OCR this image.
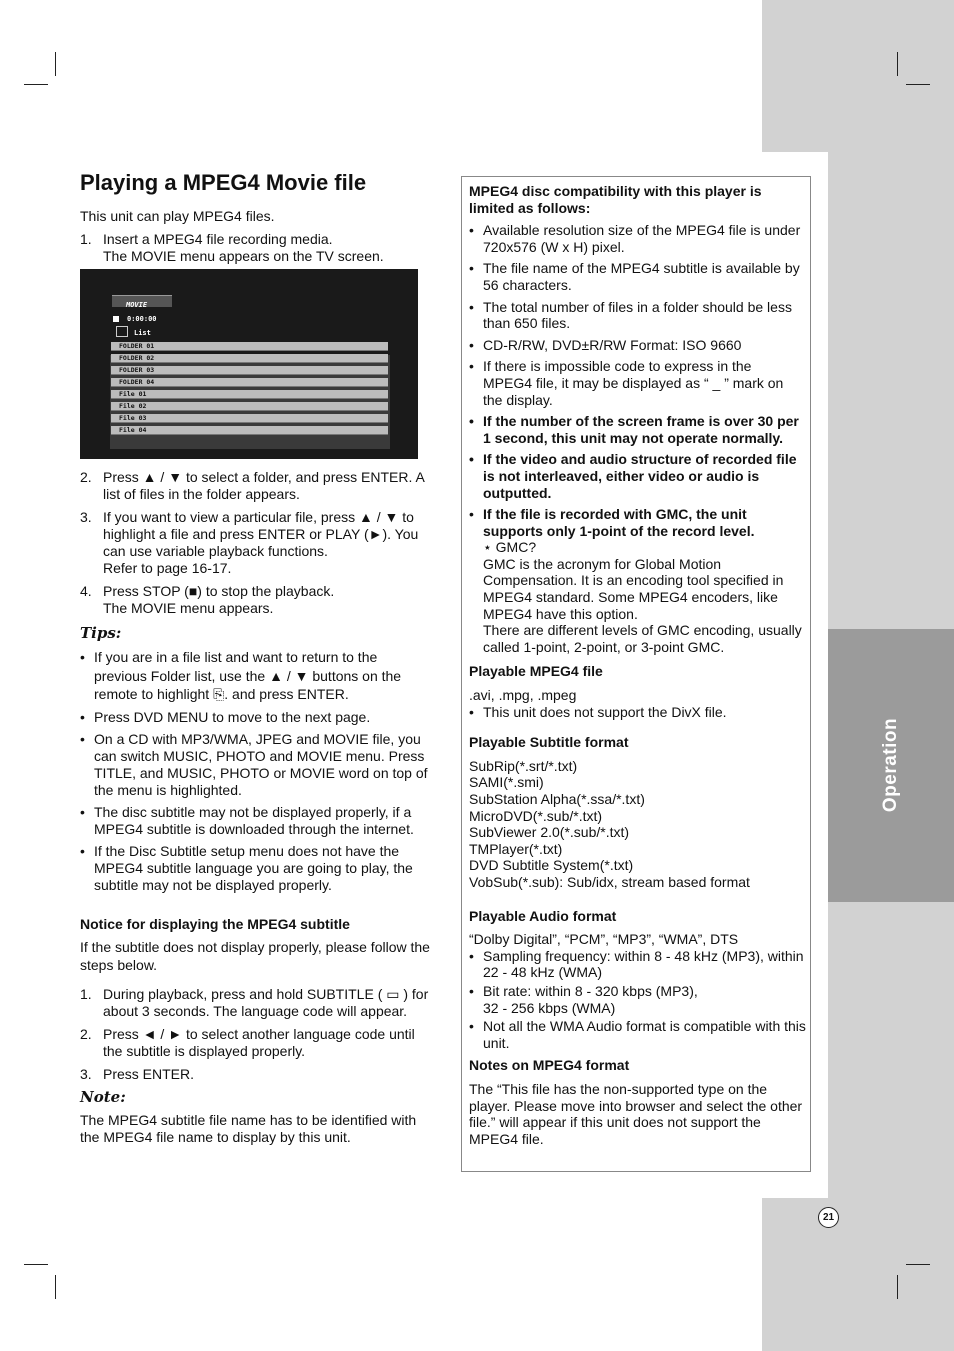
Operation
21
Playing a MPEG4 Movie file

This unit can play MPEG4 files.

1. Insert a MPEG4 file recording media.
The MOVIE menu appears on the TV screen.
MOVIE
0:00:00
List
FOLDER 01
FOLDER 02
FOLDER 03
FOLDER 04
File 01
File 02
File 03
File 04
2. Press ▲ / ▼ to select a folder, and press ENTER. A list of files in the folder appears.
3. If you want to view a particular file, press ▲ / ▼ to highlight a file and press ENTER or PLAY (►). You can use variable playback functions.
Refer to page 16-17.
4. Press STOP (■) to stop the playback.
The MOVIE menu appears.
Tips:
• If you are in a file list and want to return to the previous Folder list, use the ▲ / ▼ buttons on the remote to highlight ⎘. and press ENTER.
• Press DVD MENU to move to the next page.
• On a CD with MP3/WMA, JPEG and MOVIE file, you can switch MUSIC, PHOTO and MOVIE menu. Press TITLE, and MUSIC, PHOTO or MOVIE word on top of the menu is highlighted.
• The disc subtitle may not be displayed properly, if a MPEG4 subtitle is downloaded through the internet.
• If the Disc Subtitle setup menu does not have the MPEG4 subtitle language you are going to play, the subtitle may not be displayed properly.
Notice for displaying the MPEG4 subtitle

If the subtitle does not display properly, please follow the steps below.

1. During playback, press and hold SUBTITLE ( ▭ ) for about 3 seconds. The language code will appear.
2. Press ◄ / ► to select another language code until the subtitle is displayed properly.
3. Press ENTER.
Note:

The MPEG4 subtitle file name has to be identified with the MPEG4 file name to display by this unit.

MPEG4 disc compatibility with this player is limited as follows:

• Available resolution size of the MPEG4 file is under 720x576 (W x H) pixel.
• The file name of the MPEG4 subtitle is available by 56 characters.
• The total number of files in a folder should be less than 650 files.
• CD-R/RW, DVD±R/RW Format: ISO 9660
• If there is impossible code to express in the MPEG4 file, it may be displayed as “ _ ” mark on the display.
• If the number of the screen frame is over 30 per 1 second, this unit may not operate normally.
• If the video and audio structure of recorded file is not interleaved, either video or audio is outputted.
• If the file is recorded with GMC, the unit supports only 1-point of the record level.
⋆ GMC?
GMC is the acronym for Global Motion Compensation. It is an encoding tool specified in MPEG4 standard. Some MPEG4 encoders, like MPEG4 have this option.
There are different levels of GMC encoding, usually called 1-point, 2-point, or 3-point GMC.
Playable MPEG4 file

.avi, .mpg, .mpeg

• This unit does not support the DivX file.
Playable Subtitle format

SubRip(*.srt/*.txt)

SAMI(*.smi)

SubStation Alpha(*.ssa/*.txt)

MicroDVD(*.sub/*.txt)

SubViewer 2.0(*.sub/*.txt)

TMPlayer(*.txt)

DVD Subtitle System(*.txt)

VobSub(*.sub): Sub/idx, stream based format

Playable Audio format

“Dolby Digital”, “PCM”, “MP3”, “WMA”, DTS

• Sampling frequency: within 8 - 48 kHz (MP3), within 22 - 48 kHz (WMA)
• Bit rate: within 8 - 320 kbps (MP3),
32 - 256 kbps (WMA)
• Not all the WMA Audio format is compatible with this unit.
Notes on MPEG4 format

The “This file has the non-supported type on the player. Please move into browser and select the other file.” will appear if this unit does not support the MPEG4 file.
